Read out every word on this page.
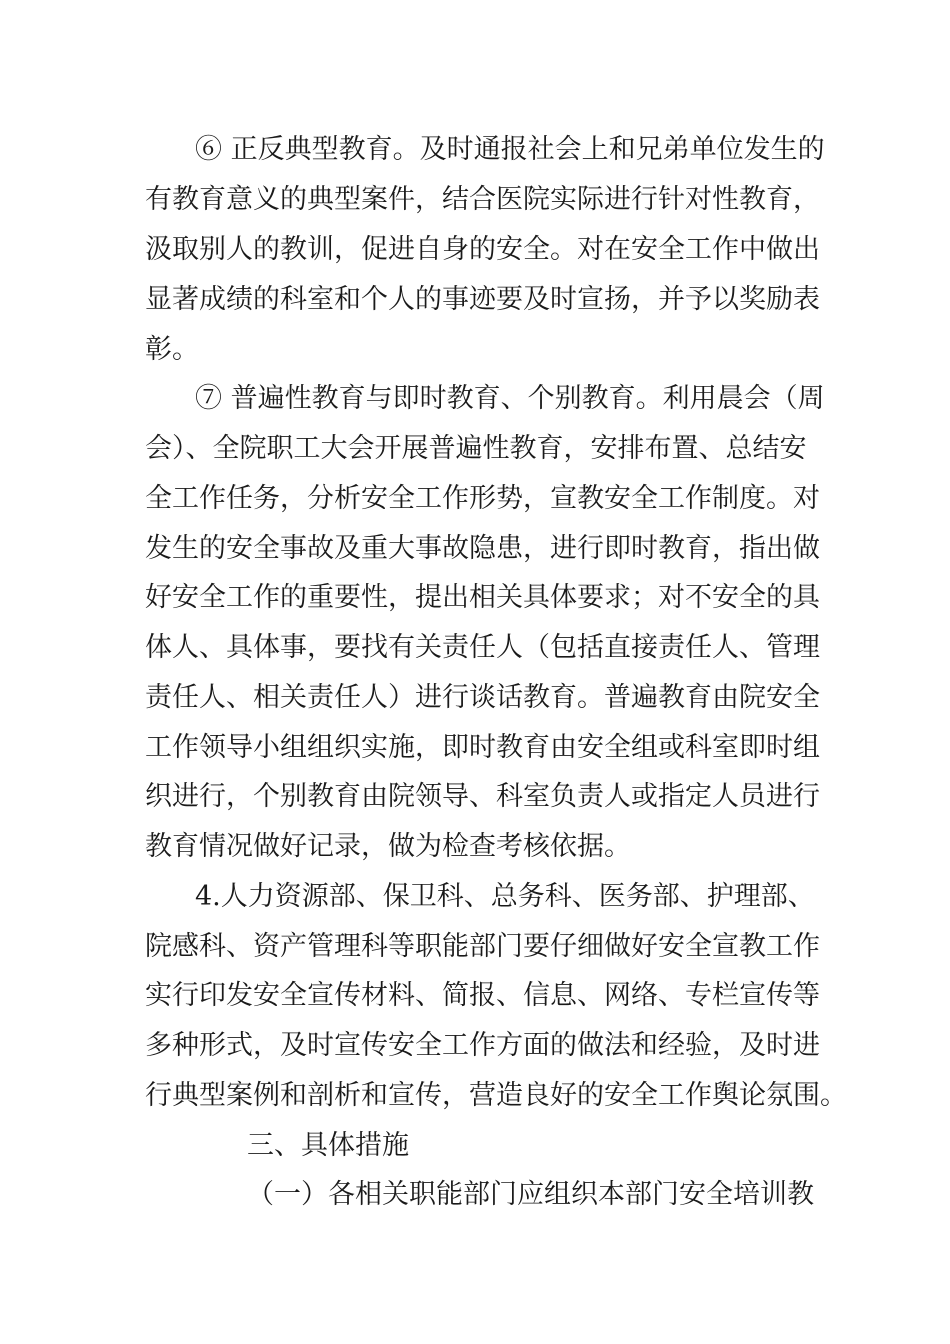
⑥ 正反典型教育。及时通报社会上和兄弟单位发生的
有教育意义的典型案件，结合医院实际进行针对性教育，
汲取别人的教训，促进自身的安全。对在安全工作中做出
显著成绩的科室和个人的事迹要及时宣扬，并予以奖励表
彰。
⑦ 普遍性教育与即时教育、个别教育。利用晨会（周
会）、全院职工大会开展普遍性教育，安排布置、总结安
全工作任务，分析安全工作形势，宣教安全工作制度。对
发生的安全事故及重大事故隐患，进行即时教育，指出做
好安全工作的重要性，提出相关具体要求；对不安全的具
体人、具体事，要找有关责任人（包括直接责任人、管理
责任人、相关责任人）进行谈话教育。普遍教育由院安全
工作领导小组组织实施，即时教育由安全组或科室即时组
织进行，个别教育由院领导、科室负责人或指定人员进行
教育情况做好记录，做为检查考核依据。
4.人力资源部、保卫科、总务科、医务部、护理部、
院感科、资产管理科等职能部门要仔细做好安全宣教工作
实行印发安全宣传材料、简报、信息、网络、专栏宣传等
多种形式，及时宣传安全工作方面的做法和经验，及时进
行典型案例和剖析和宣传，营造良好的安全工作舆论氛围。
三、具体措施
（一）各相关职能部门应组织本部门安全培训教
